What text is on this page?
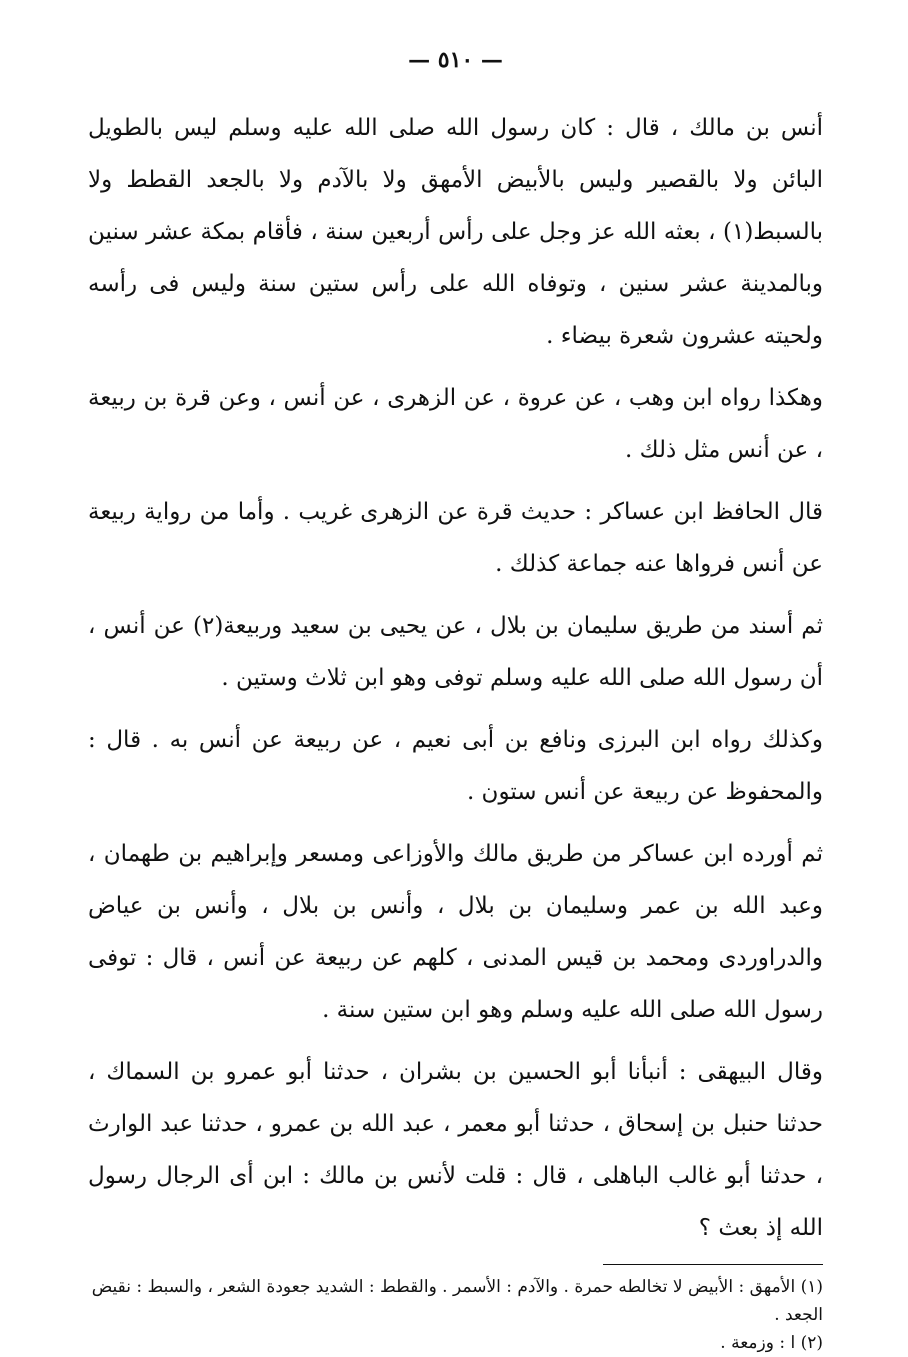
— ٥١٠ —

أنس بن مالك ، قال : كان رسول الله صلى الله عليه وسلم ليس بالطويل البائن ولا بالقصير وليس بالأبيض الأمهق ولا بالآدم ولا بالجعد القطط ولا بالسبط(١) ، بعثه الله عز وجل على رأس أربعين سنة ، فأقام بمكة عشر سنين وبالمدينة عشر سنين ، وتوفاه الله على رأس ستين سنة وليس فى رأسه ولحيته عشرون شعرة بيضاء .

وهكذا رواه ابن وهب ، عن عروة ، عن الزهرى ، عن أنس ، وعن قرة بن ربيعة ، عن أنس مثل ذلك .

قال الحافظ ابن عساكر : حديث قرة عن الزهرى غريب . وأما من رواية ربيعة عن أنس فرواها عنه جماعة كذلك .

ثم أسند من طريق سليمان بن بلال ، عن يحيى بن سعيد وربيعة(٢) عن أنس ، أن رسول الله صلى الله عليه وسلم توفى وهو ابن ثلاث وستين .

وكذلك رواه ابن البرزى ونافع بن أبى نعيم ، عن ربيعة عن أنس به . قال : والمحفوظ عن ربيعة عن أنس ستون .

ثم أورده ابن عساكر من طريق مالك والأوزاعى ومسعر وإبراهيم بن طهمان ، وعبد الله بن عمر وسليمان بن بلال ، وأنس بن بلال ، وأنس بن عياض والدراوردى ومحمد بن قيس المدنى ، كلهم عن ربيعة عن أنس ، قال : توفى رسول الله صلى الله عليه وسلم وهو ابن ستين سنة .

وقال البيهقى : أنبأنا أبو الحسين بن بشران ، حدثنا أبو عمرو بن السماك ، حدثنا حنبل بن إسحاق ، حدثنا أبو معمر ، عبد الله بن عمرو ، حدثنا عبد الوارث ، حدثنا أبو غالب الباهلى ، قال : قلت لأنس بن مالك : ابن أى الرجال رسول الله إذ بعث ؟

(١) الأمهق : الأبيض لا تخالطه حمرة . والآدم : الأسمر . والقطط : الشديد جعودة الشعر ، والسبط : نقيض الجعد .

(٢) ا : وزمعة .
